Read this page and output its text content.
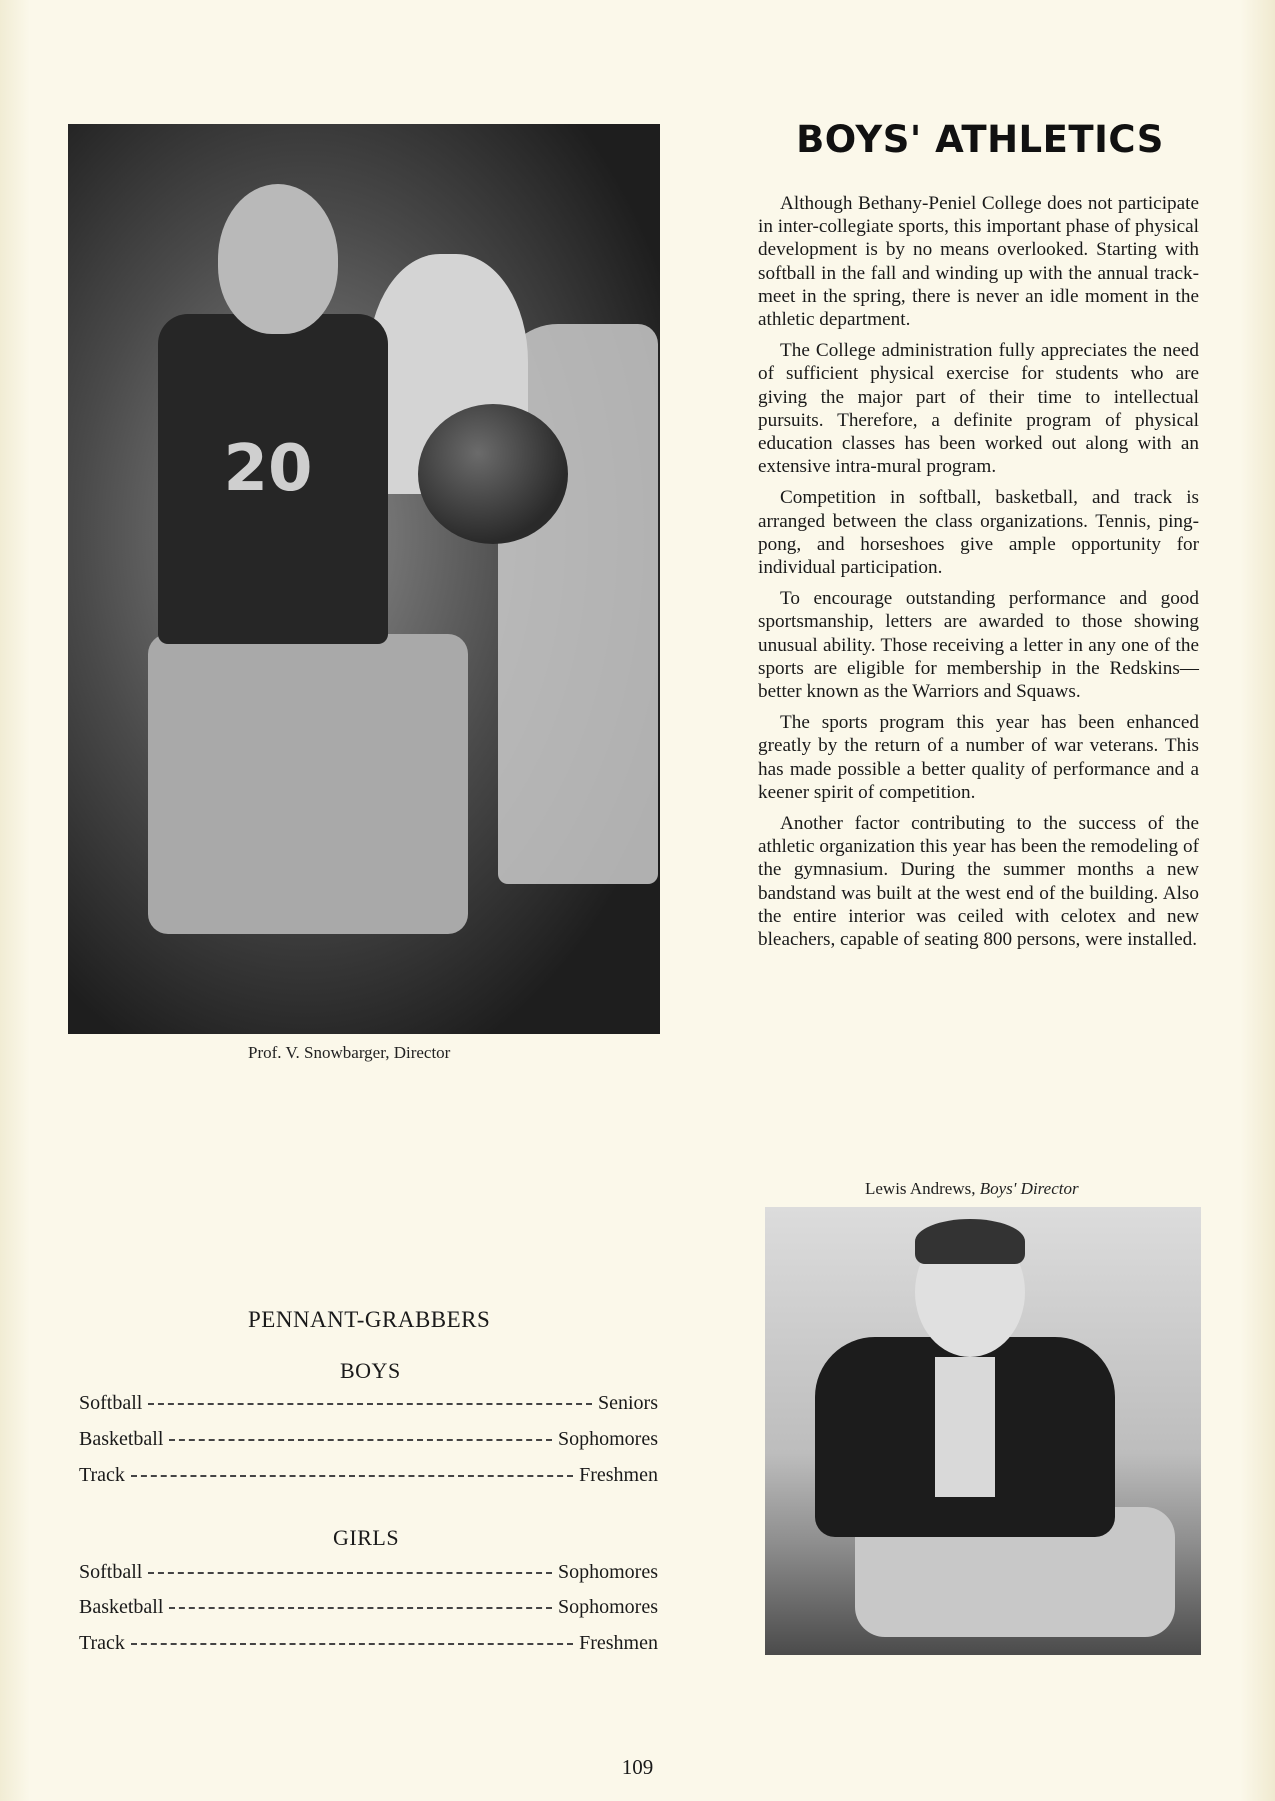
20
Prof. V. Snowbarger, Director
BOYS' ATHLETICS

Although Bethany-Peniel College does not participate in inter-collegiate sports, this important phase of physical development is by no means overlooked. Starting with softball in the fall and winding up with the annual track-meet in the spring, there is never an idle moment in the athletic department.

The College administration fully appreciates the need of sufficient physical exercise for students who are giving the major part of their time to intellectual pursuits. Therefore, a definite program of physical education classes has been worked out along with an extensive intra-mural program.

Competition in softball, basketball, and track is arranged between the class organizations. Tennis, ping-pong, and horseshoes give ample opportunity for individual participation.

To encourage outstanding performance and good sportsmanship, letters are awarded to those showing unusual ability. Those receiving a letter in any one of the sports are eligible for membership in the Redskins—better known as the Warriors and Squaws.

The sports program this year has been enhanced greatly by the return of a number of war veterans. This has made possible a better quality of performance and a keener spirit of competition.

Another factor contributing to the success of the athletic organization this year has been the remodeling of the gymnasium. During the summer months a new bandstand was built at the west end of the building. Also the entire interior was ceiled with celotex and new bleachers, capable of seating 800 persons, were installed.

Lewis Andrews, Boys' Director
PENNANT-GRABBERS
BOYS
Softball	Seniors
Basketball	Sophomores
Track	Freshmen
GIRLS
Softball	Sophomores
Basketball	Sophomores
Track	Freshmen
109
